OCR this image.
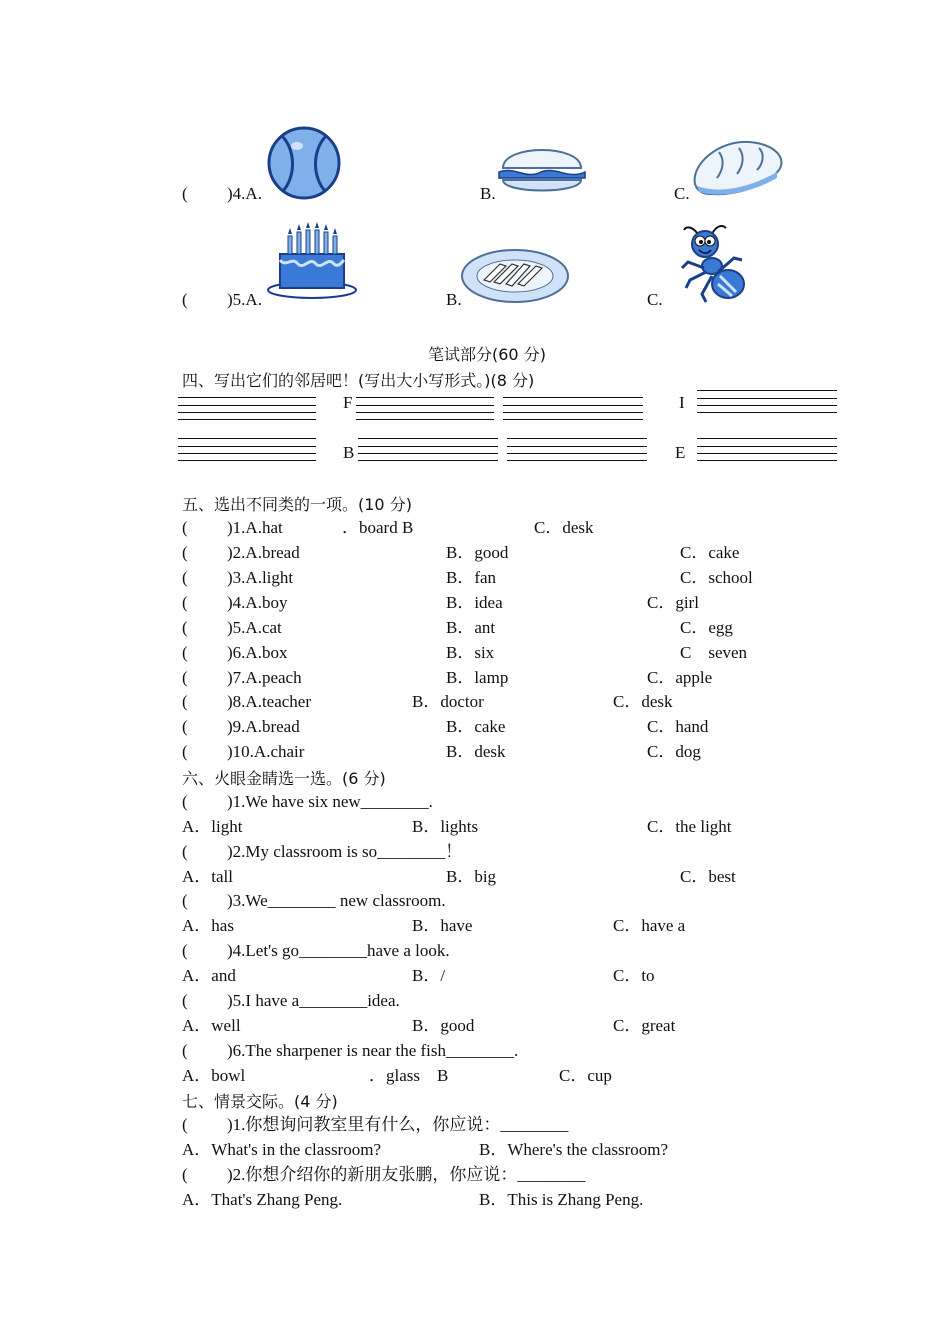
( )4.A.	B.	C.
( )5.A.	B.	C.
笔试部分(60 分)
四、写出它们的邻居吧！(写出大小写形式。)(8 分)
F	I
B	E
五、选出不同类的一项。(10 分)
( )1.A.hat	．board B	C．desk
( )2.A.bread	B．good	C．cake
( )3.A.light	B．fan	C．school
( )4.A.boy	B．idea	C．girl
( )5.A.cat	B．ant	C．egg
( )6.A.box	B．six	C　seven
( )7.A.peach	B．lamp	C．apple
( )8.A.teacher	B．doctor	C．desk
( )9.A.bread	B．cake	C．hand
( )10.A.chair	B．desk	C．dog
六、火眼金睛选一选。(6 分)
( )1.We have six new________.
A．light	B．lights	C．the light
( )2.My classroom is so________！
A．tall	B．big	C．best
( )3.We________ new classroom.
A．has	B．have	C．have a
( )4.Let's go________have a look.
A．and	B．/	C．to
( )5.I have a________idea.
A．well	B．good	C．great
( )6.The sharpener is near the fish________.
A．bowl	．glass　B	C．cup
七、情景交际。(4 分)
( )1.你想询问教室里有什么，你应说：________
A．What's in the classroom?	B．Where's the classroom?
( )2.你想介绍你的新朋友张鹏，你应说：________
A．That's Zhang Peng.	B．This is Zhang Peng.
